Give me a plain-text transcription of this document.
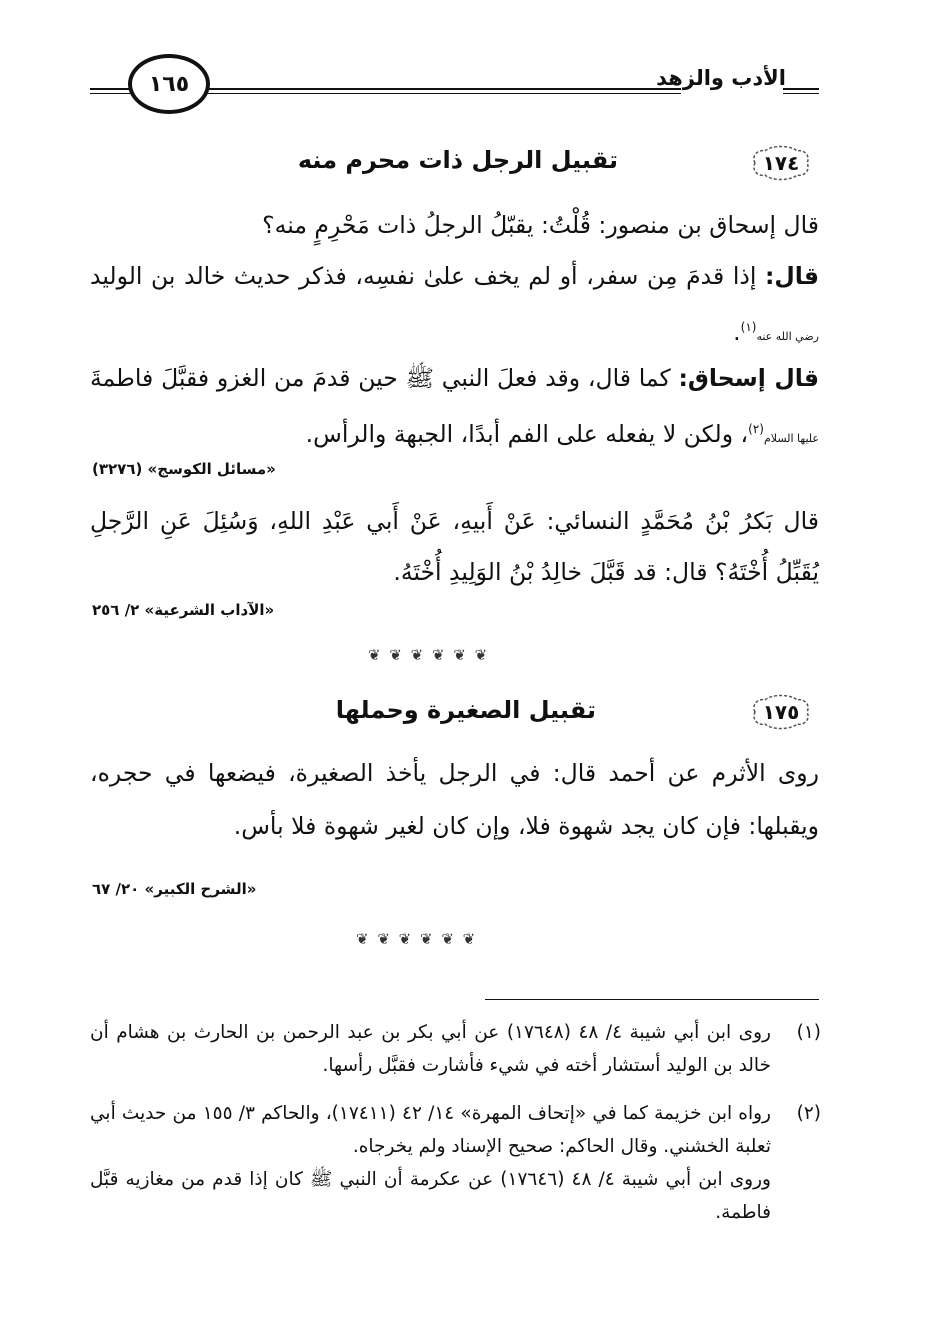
الأدب والزهد
١٦٥
١٧٤
تقبيل الرجل ذات محرم منه
قال إسحاق بن منصور: قُلْتُ: يقبّلُ الرجلُ ذات مَحْرِمٍ منه؟
قال: إذا قدمَ مِن سفر، أو لم يخف علىٰ نفسِه، فذكر حديث خالد بن الوليد رضي الله عنه$^{(١)}$.
قال إسحاق: كما قال، وقد فعلَ النبي ﷺ حين قدمَ من الغزو فقبَّلَ فاطمةَ عليها السلام$^{(٢)}$، ولكن لا يفعله على الفم أبدًا، الجبهة والرأس.
«مسائل الكوسج» (٣٢٧٦)
قال بَكرُ بْنُ مُحَمَّدٍ النسائي: عَنْ أَبيهِ، عَنْ أَبي عَبْدِ اللهِ، وَسُئِلَ عَنِ الرَّجلِ يُقَبِّلُ أُخْتَهُ؟ قال: قد قَبَّلَ خالِدُ بْنُ الوَلِيدِ أُخْتَهُ.
«الآداب الشرعية» ٢/ ٢٥٦
❦ ❦ ❦ ❦ ❦ ❦
١٧٥
تقبيل الصغيرة وحملها
روى الأثرم عن أحمد قال: في الرجل يأخذ الصغيرة، فيضعها في حجره، ويقبلها: فإن كان يجد شهوة فلا، وإن كان لغير شهوة فلا بأس.
«الشرح الكبير» ٢٠/ ٦٧
❦ ❦ ❦ ❦ ❦ ❦
(١)
روى ابن أبي شيبة ٤/ ٤٨ (١٧٦٤٨) عن أبي بكر بن عبد الرحمن بن الحارث بن هشام أن خالد بن الوليد أستشار أخته في شيء فأشارت فقبَّل رأسها.
(٢)
رواه ابن خزيمة كما في «إتحاف المهرة» ١٤/ ٤٢ (١٧٤١١)، والحاكم ٣/ ١٥٥ من حديث أبي ثعلبة الخشني. وقال الحاكم: صحيح الإسناد ولم يخرجاه.
وروى ابن أبي شيبة ٤/ ٤٨ (١٧٦٤٦) عن عكرمة أن النبي ﷺ كان إذا قدم من مغازيه قبَّل فاطمة.
